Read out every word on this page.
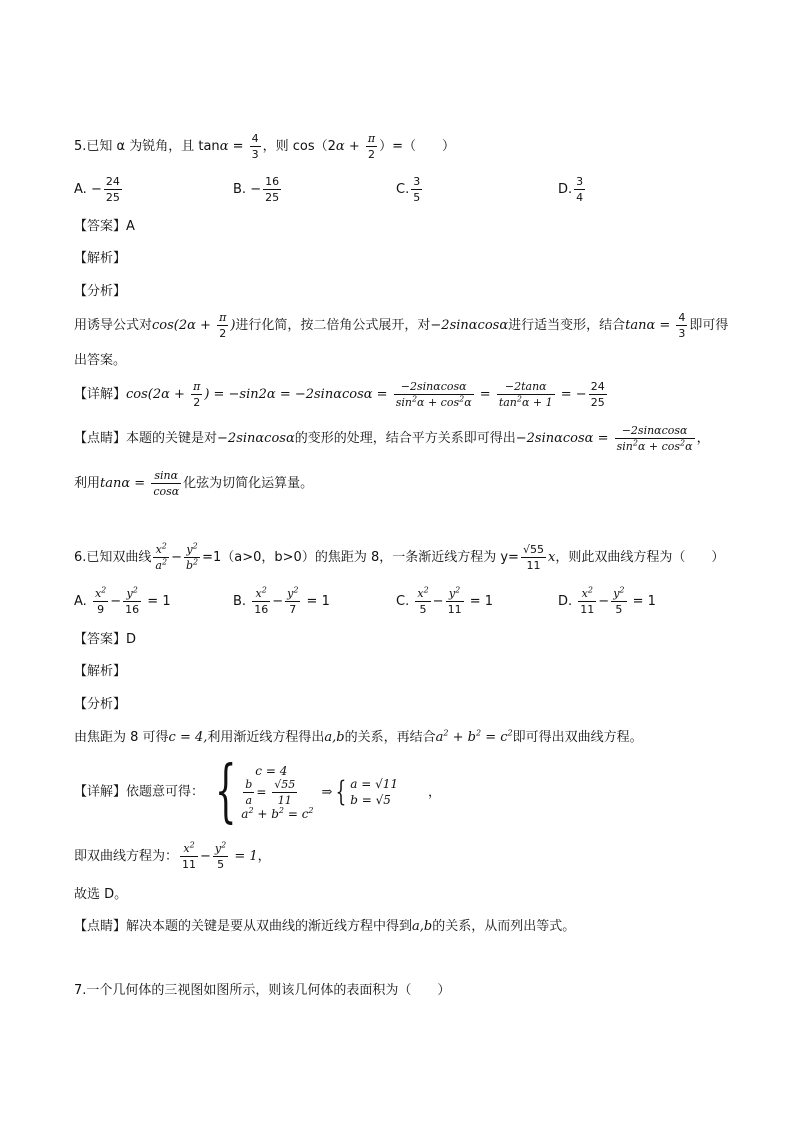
5.已知 α 为锐角，且 $\tan\alpha = \frac{4}{3}$ ，则 $\cos(2\alpha + \frac{\pi}{2}$ ）=（　　）
A. − $\frac{24}{25}$	B. − $\frac{16}{25}$	C. $\frac{3}{5}$	D. $\frac{3}{4}$
【答案】A
【解析】
【分析】
用诱导公式对$\cos(2\alpha + \frac{\pi}{2}$ )进行化简，按二倍角公式展开，对−2sinαcosα进行适当变形，结合$\tan\alpha = \frac{4}{3}$ 即可得
出答案。
【详解】$\cos(2\alpha + \frac{\pi}{2}$ ) = $-\sin 2\alpha = -2\sin\alpha\cos\alpha = \frac{-2\sin\alpha\cos\alpha}{\sin^2\alpha + \cos^2\alpha} = \frac{-2\tan\alpha}{\tan^2\alpha + 1}$ = − $\frac{24}{25}$
【点睛】本题的关键是对−2sinαcosα的变形的处理，结合平方关系即可得出$-2\sin\alpha\cos\alpha = \frac{-2\sin\alpha\cos\alpha}{\sin^2\alpha + \cos^2\alpha}$ ，
利用$\tan\alpha = \frac{\sin\alpha}{\cos\alpha}$ 化弦为切简化运算量。
6.已知双曲线 $\frac{x^2}{a^2} - \frac{y^2}{b^2} =1(a>0$，b>0）的焦距为 8，一条渐近线方程为 $y= \frac{√55}{11}$ x，则此双曲线方程为（　　）
A. $\frac{x^2}{9} - \frac{y^2}{16} = 1$	B. $\frac{x^2}{16} - \frac{y^2}{7} = 1$	C. $\frac{x^2}{5} - \frac{y^2}{11} = 1$	D. $\frac{x^2}{11} - \frac{y^2}{5} = 1$
【答案】D
【解析】
【分析】
由焦距为 8 可得c = 4,利用渐近线方程得出a,b的关系，再结合$a^2 + b^2 = c^2$即可得出双曲线方程。
【详解】依题意可得： {	c = 4
$\frac{b}{a} = \frac{√55}{11}$
$a^2 + b^2 = c^2$
⇒ { a = √11
b = √5
，
即双曲线方程为： $\frac{x^2}{11} - \frac{y^2}{5} = 1$，
故选 D。
【点睛】解决本题的关键是要从双曲线的渐近线方程中得到a,b的关系，从而列出等式。
7.一个几何体的三视图如图所示，则该几何体的表面积为（　　）
